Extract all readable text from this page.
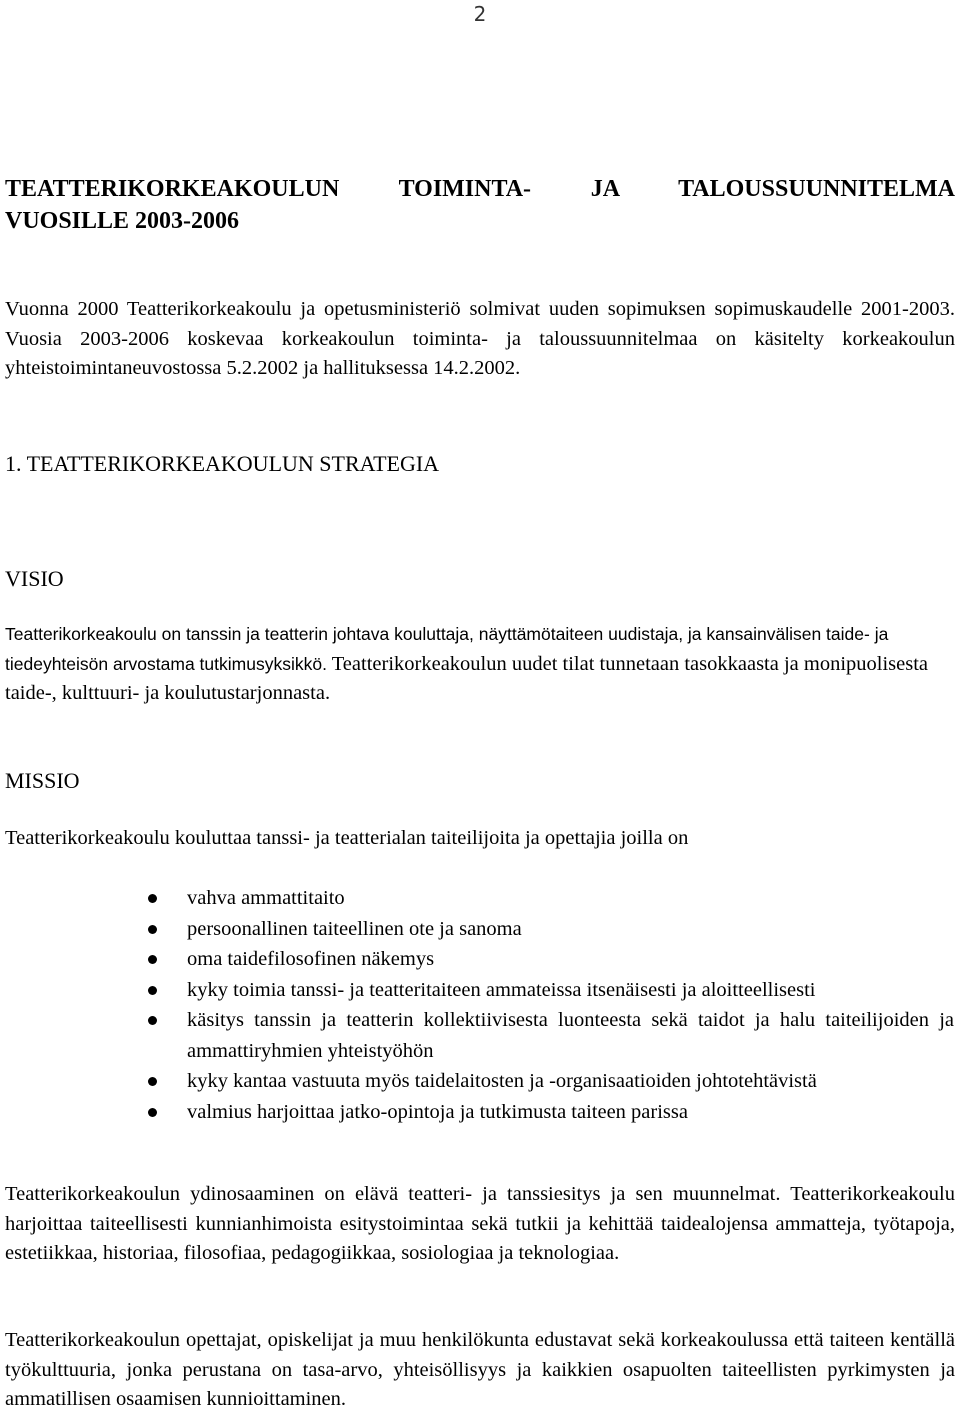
2
TEATTERIKORKEAKOULUN TOIMINTA- JA TALOUSSUUNNITELMA
VUOSILLE 2003-2006
Vuonna 2000 Teatterikorkeakoulu ja opetusministeriö solmivat uuden sopimuksen sopimuskaudelle 2001-2003. Vuosia 2003-2006 koskevaa korkeakoulun toiminta- ja taloussuunnitelmaa on käsitelty korkeakoulun yhteistoimintaneuvostossa 5.2.2002 ja hallituksessa 14.2.2002.
1. TEATTERIKORKEAKOULUN STRATEGIA
VISIO
Teatterikorkeakoulu on tanssin ja teatterin johtava kouluttaja, näyttämötaiteen uudistaja, ja kansainvälisen taide- ja tiedeyhteisön arvostama tutkimusyksikkö. Teatterikorkeakoulun uudet tilat tunnetaan tasokkaasta ja monipuolisesta taide-, kulttuuri- ja koulutustarjonnasta.
MISSIO
Teatterikorkeakoulu kouluttaa tanssi- ja teatterialan taiteilijoita ja opettajia joilla on
vahva ammattitaito
persoonallinen taiteellinen ote ja sanoma
oma taidefilosofinen näkemys
kyky toimia tanssi- ja teatteritaiteen ammateissa itsenäisesti ja aloitteellisesti
käsitys tanssin ja teatterin kollektiivisesta luonteesta sekä taidot ja halu taiteilijoiden ja ammattiryhmien yhteistyöhön
kyky kantaa vastuuta myös taidelaitosten ja -organisaatioiden johtotehtävistä
valmius harjoittaa jatko-opintoja ja tutkimusta taiteen parissa
Teatterikorkeakoulun ydinosaaminen on elävä teatteri- ja tanssiesitys ja sen muunnelmat. Teatterikorkeakoulu harjoittaa taiteellisesti kunnianhimoista esitystoimintaa sekä tutkii ja kehittää taidealojensa ammatteja, työtapoja, estetiikkaa, historiaa, filosofiaa, pedagogiikkaa, sosiologiaa ja teknologiaa.
Teatterikorkeakoulun opettajat, opiskelijat ja muu henkilökunta edustavat sekä korkeakoulussa että taiteen kentällä työkulttuuria, jonka perustana on tasa-arvo, yhteisöllisyys ja kaikkien osapuolten taiteellisten pyrkimysten ja ammatillisen osaamisen kunnioittaminen.
